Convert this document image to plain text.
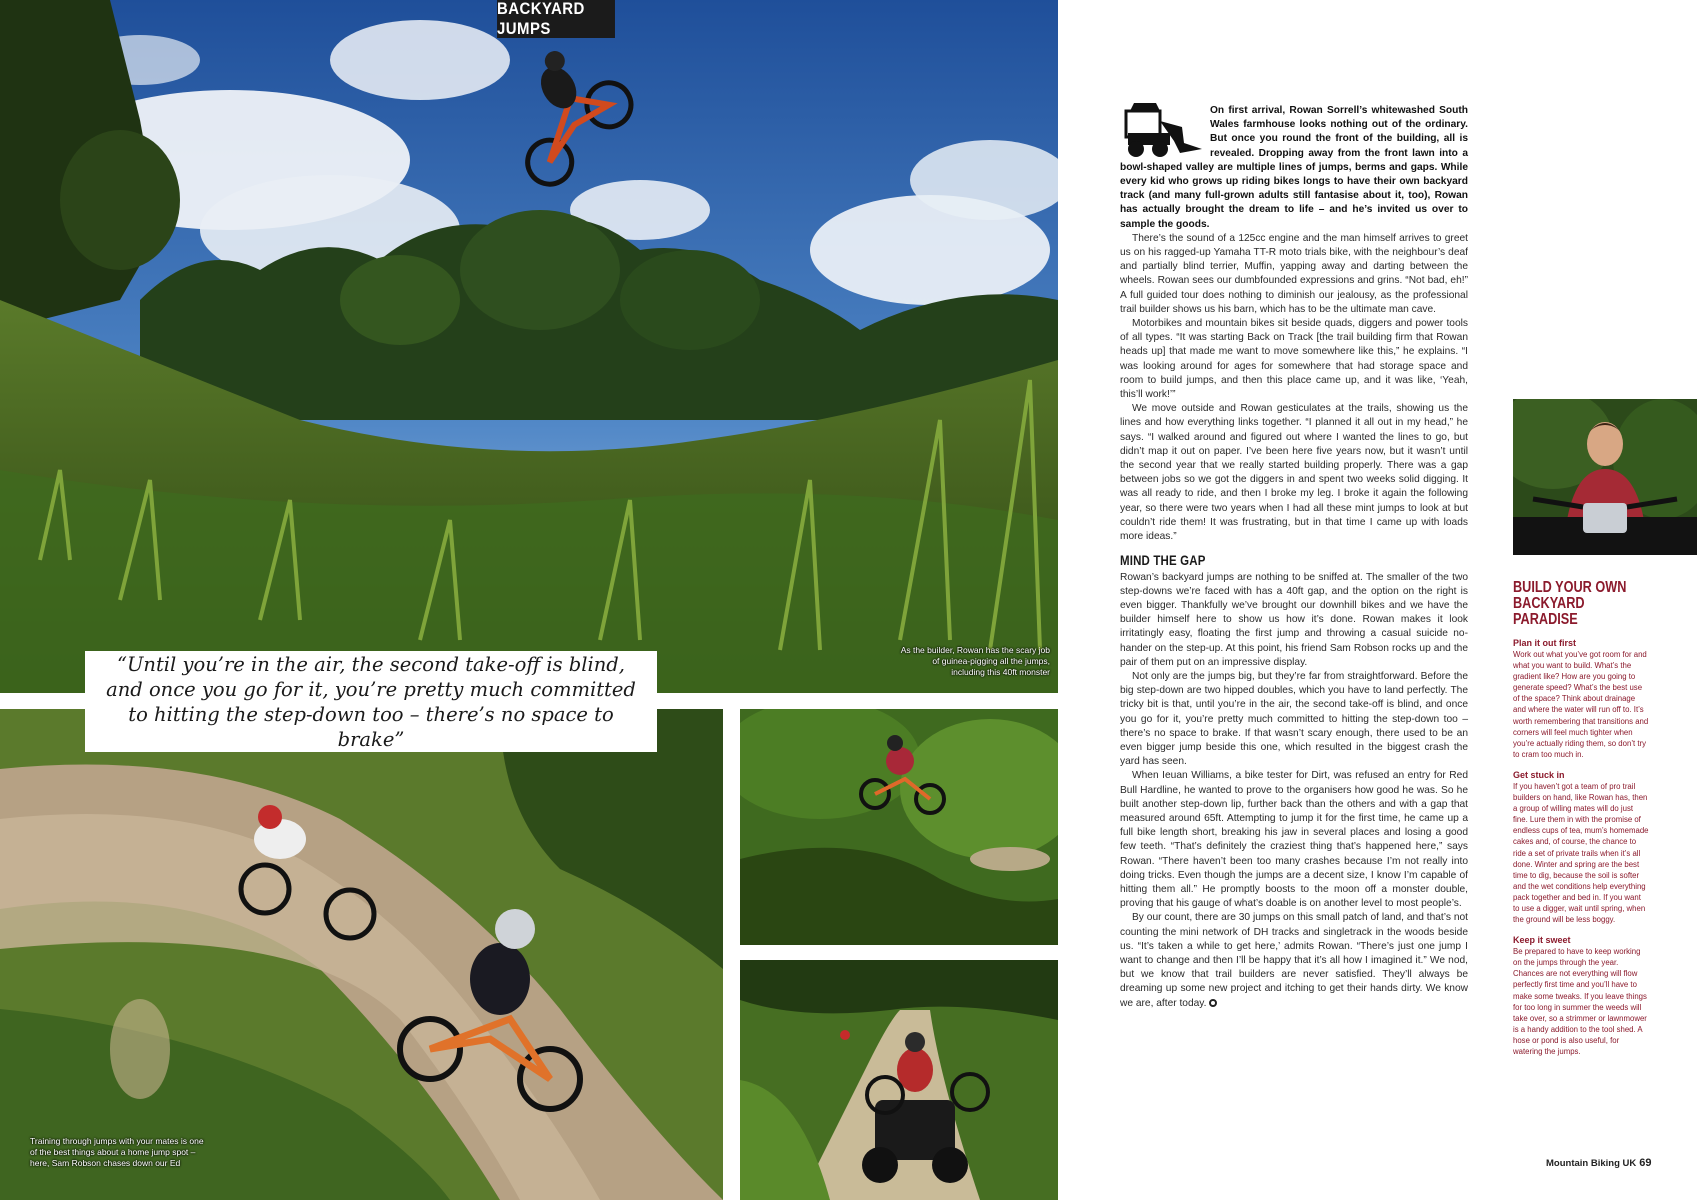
BACKYARD JUMPS
As the builder, Rowan has the scary job of guinea-pigging all the jumps, including this 40ft monster
Training through jumps with your mates is one of the best things about a home jump spot – here, Sam Robson chases down our Ed

“Until you’re in the air, the second take-off is blind, and once you go for it, you’re pretty much committed to hitting the step-down too – there’s no space to brake”

On first arrival, Rowan Sorrell’s whitewashed South Wales farmhouse looks nothing out of the ordinary. But once you round the front of the building, all is revealed. Dropping away from the front lawn into a bowl-shaped valley are multiple lines of jumps, berms and gaps. While every kid who grows up riding bikes longs to have their own backyard track (and many full-grown adults still fantasise about it, too), Rowan has actually brought the dream to life – and he’s invited us over to sample the goods.

There’s the sound of a 125cc engine and the man himself arrives to greet us on his ragged-up Yamaha TT-R moto trials bike, with the neighbour’s deaf and partially blind terrier, Muffin, yapping away and darting between the wheels. Rowan sees our dumbfounded expressions and grins. “Not bad, eh!” A full guided tour does nothing to diminish our jealousy, as the professional trail builder shows us his barn, which has to be the ultimate man cave.

Motorbikes and mountain bikes sit beside quads, diggers and power tools of all types. “It was starting Back on Track [the trail building firm that Rowan heads up] that made me want to move somewhere like this,” he explains. “I was looking around for ages for somewhere that had storage space and room to build jumps, and then this place came up, and it was like, ‘Yeah, this’ll work!’”

We move outside and Rowan gesticulates at the trails, showing us the lines and how everything links together. “I planned it all out in my head,” he says. “I walked around and figured out where I wanted the lines to go, but didn’t map it out on paper. I’ve been here five years now, but it wasn’t until the second year that we really started building properly. There was a gap between jobs so we got the diggers in and spent two weeks solid digging. It was all ready to ride, and then I broke my leg. I broke it again the following year, so there were two years when I had all these mint jumps to look at but couldn’t ride them! It was frustrating, but in that time I came up with loads more ideas.”

MIND THE GAP

Rowan’s backyard jumps are nothing to be sniffed at. The smaller of the two step-downs we’re faced with has a 40ft gap, and the option on the right is even bigger. Thankfully we’ve brought our downhill bikes and we have the builder himself here to show us how it’s done. Rowan makes it look irritatingly easy, floating the first jump and throwing a casual suicide no-hander on the step-up. At this point, his friend Sam Robson rocks up and the pair of them put on an impressive display.

Not only are the jumps big, but they’re far from straightforward. Before the big step-down are two hipped doubles, which you have to land perfectly. The tricky bit is that, until you’re in the air, the second take-off is blind, and once you go for it, you’re pretty much committed to hitting the step-down too – there’s no space to brake. If that wasn’t scary enough, there used to be an even bigger jump beside this one, which resulted in the biggest crash the yard has seen.

When Ieuan Williams, a bike tester for Dirt, was refused an entry for Red Bull Hardline, he wanted to prove to the organisers how good he was. So he built another step-down lip, further back than the others and with a gap that measured around 65ft. Attempting to jump it for the first time, he came up a full bike length short, breaking his jaw in several places and losing a good few teeth. “That’s definitely the craziest thing that’s happened here,” says Rowan. “There haven’t been too many crashes because I’m not really into doing tricks. Even though the jumps are a decent size, I know I’m capable of hitting them all.” He promptly boosts to the moon off a monster double, proving that his gauge of what’s doable is on another level to most people’s.

By our count, there are 30 jumps on this small patch of land, and that’s not counting the mini network of DH tracks and singletrack in the woods beside us. “It’s taken a while to get here,’ admits Rowan. “There’s just one jump I want to change and then I’ll be happy that it’s all how I imagined it.” We nod, but we know that trail builders are never satisfied. They’ll always be dreaming up some new project and itching to get their hands dirty. We know we are, after today.

BUILD YOUR OWN BACKYARD PARADISE
Plan it out first

Work out what you’ve got room for and what you want to build. What’s the gradient like? How are you going to generate speed? What’s the best use of the space? Think about drainage and where the water will run off to. It’s worth remembering that transitions and corners will feel much tighter when you’re actually riding them, so don’t try to cram too much in.

Get stuck in

If you haven’t got a team of pro trail builders on hand, like Rowan has, then a group of willing mates will do just fine. Lure them in with the promise of endless cups of tea, mum’s homemade cakes and, of course, the chance to ride a set of private trails when it’s all done. Winter and spring are the best time to dig, because the soil is softer and the wet conditions help everything pack together and bed in. If you want to use a digger, wait until spring, when the ground will be less boggy.

Keep it sweet

Be prepared to have to keep working on the jumps through the year. Chances are not everything will flow perfectly first time and you’ll have to make some tweaks. If you leave things for too long in summer the weeds will take over, so a strimmer or lawnmower is a handy addition to the tool shed. A hose or pond is also useful, for watering the jumps.

Mountain Biking UK 69
